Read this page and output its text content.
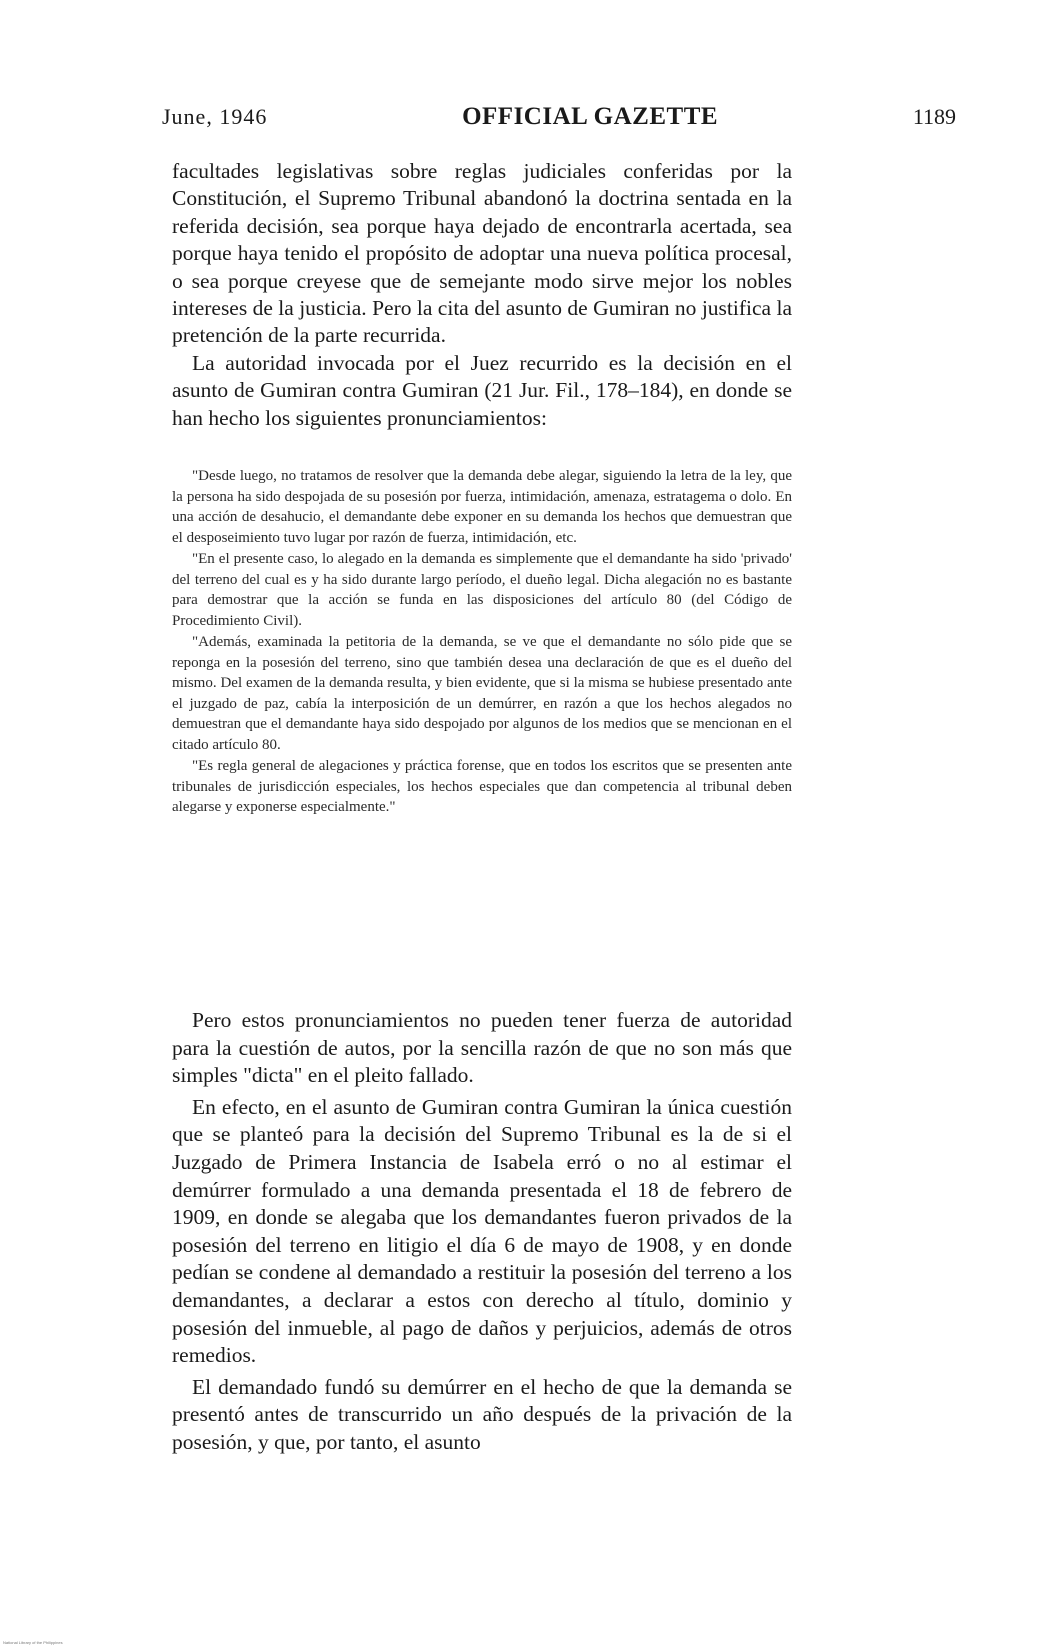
June, 1946	OFFICIAL GAZETTE	1189

facultades legislativas sobre reglas judiciales conferidas por la Constitución, el Supremo Tribunal abandonó la doctrina sentada en la referida decisión, sea porque haya dejado de encontrarla acertada, sea porque haya tenido el propósito de adoptar una nueva política procesal, o sea porque creyese que de semejante modo sirve mejor los nobles intereses de la justicia. Pero la cita del asunto de Gumiran no justifica la pretención de la parte recurrida.

La autoridad invocada por el Juez recurrido es la decisión en el asunto de Gumiran contra Gumiran (21 Jur. Fil., 178–184), en donde se han hecho los siguientes pronunciamientos:

"Desde luego, no tratamos de resolver que la demanda debe alegar, siguiendo la letra de la ley, que la persona ha sido despojada de su posesión por fuerza, intimidación, amenaza, estratagema o dolo. En una acción de desahucio, el demandante debe exponer en su demanda los hechos que demuestran que el desposeimiento tuvo lugar por razón de fuerza, intimidación, etc.

"En el presente caso, lo alegado en la demanda es simplemente que el demandante ha sido 'privado' del terreno del cual es y ha sido durante largo período, el dueño legal. Dicha alegación no es bastante para demostrar que la acción se funda en las disposiciones del artículo 80 (del Código de Procedimiento Civil).

"Además, examinada la petitoria de la demanda, se ve que el demandante no sólo pide que se reponga en la posesión del terreno, sino que también desea una declaración de que es el dueño del mismo. Del examen de la demanda resulta, y bien evidente, que si la misma se hubiese presentado ante el juzgado de paz, cabía la interposición de un demúrrer, en razón a que los hechos alegados no demuestran que el demandante haya sido despojado por algunos de los medios que se mencionan en el citado artículo 80.

"Es regla general de alegaciones y práctica forense, que en todos los escritos que se presenten ante tribunales de jurisdicción especiales, los hechos especiales que dan competencia al tribunal deben alegarse y exponerse especialmente."

Pero estos pronunciamientos no pueden tener fuerza de autoridad para la cuestión de autos, por la sencilla razón de que no son más que simples "dicta" en el pleito fallado.

En efecto, en el asunto de Gumiran contra Gumiran la única cuestión que se planteó para la decisión del Supremo Tribunal es la de si el Juzgado de Primera Instancia de Isabela erró o no al estimar el demúrrer formulado a una demanda presentada el 18 de febrero de 1909, en donde se alegaba que los demandantes fueron privados de la posesión del terreno en litigio el día 6 de mayo de 1908, y en donde pedían se condene al demandado a restituir la posesión del terreno a los demandantes, a declarar a estos con derecho al título, dominio y posesión del inmueble, al pago de daños y perjuicios, además de otros remedios.

El demandado fundó su demúrrer en el hecho de que la demanda se presentó antes de transcurrido un año después de la privación de la posesión, y que, por tanto, el asunto

National Library of the Philippines
